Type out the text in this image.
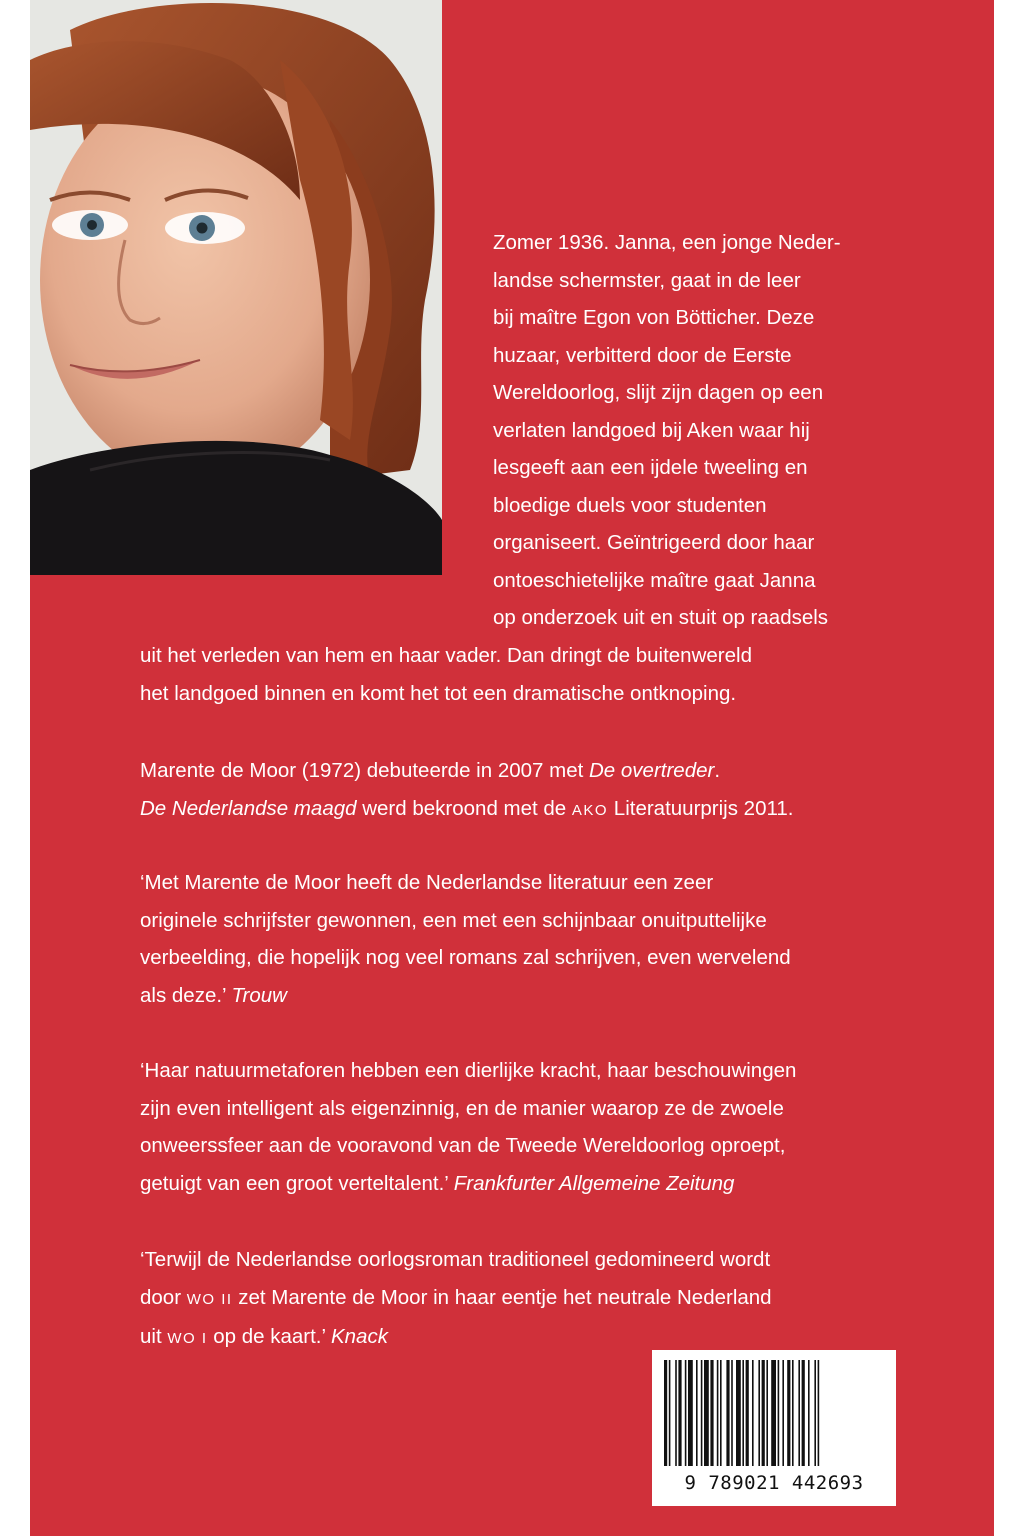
Zomer 1936. Janna, een jonge Neder-
landse schermster, gaat in de leer
bij maître Egon von Bötticher. Deze
huzaar, verbitterd door de Eerste
Wereldoorlog, slijt zijn dagen op een
verlaten landgoed bij Aken waar hij
lesgeeft aan een ijdele tweeling en
bloedige duels voor studenten
organiseert. Geïntrigeerd door haar
ontoeschietelijke maître gaat Janna
op onderzoek uit en stuit op raadsels
uit het verleden van hem en haar vader. Dan dringt de buitenwereld
het landgoed binnen en komt het tot een dramatische ontknoping.
Marente de Moor (1972) debuteerde in 2007 met De overtreder.
De Nederlandse maagd werd bekroond met de AKO Literatuurprijs 2011.
‘Met Marente de Moor heeft de Nederlandse literatuur een zeer
originele schrijfster gewonnen, een met een schijnbaar onuitputtelijke
verbeelding, die hopelijk nog veel romans zal schrijven, even wervelend
als deze.’ Trouw
‘Haar natuurmetaforen hebben een dierlijke kracht, haar beschouwingen
zijn even intelligent als eigenzinnig, en de manier waarop ze de zwoele
onweerssfeer aan de vooravond van de Tweede Wereldoorlog oproept,
getuigt van een groot verteltalent.’ Frankfurter Allgemeine Zeitung
‘Terwijl de Nederlandse oorlogsroman traditioneel gedomineerd wordt
door WO II zet Marente de Moor in haar eentje het neutrale Nederland
uit WO I op de kaart.’ Knack
9 789021 442693
